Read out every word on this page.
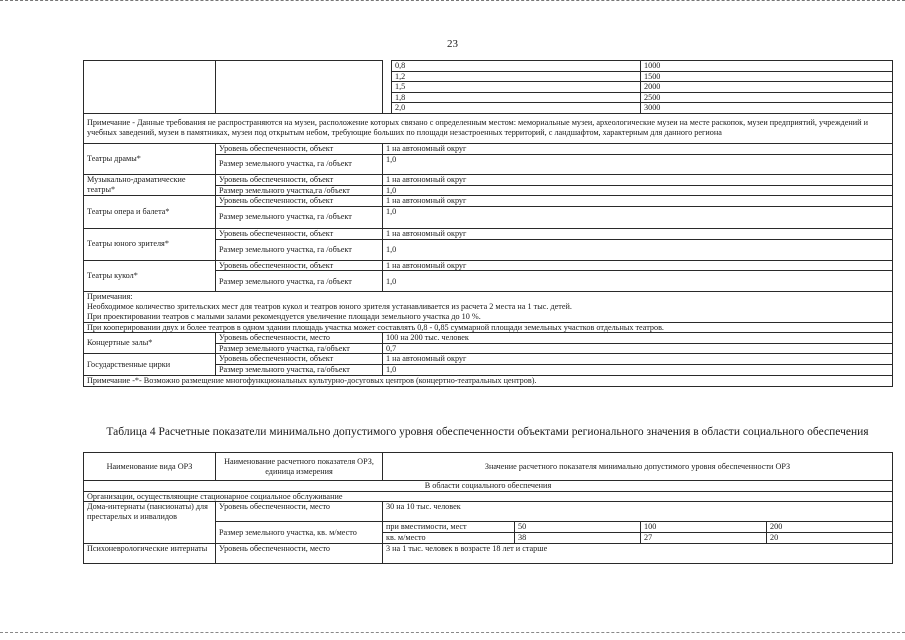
23
			0,8	1000
			1,2	1500
			1,5	2000
			1,8	2500
			2,0	3000
Примечание - Данные требования не распространяются на музеи, расположение которых связано с определенным местом: мемориальные музеи, археологические музеи на месте раскопок, музеи предприятий, учреждений и учебных заведений, музеи в памятниках, музеи под открытым небом, требующие больших по площади незастроенных территорий, с ландшафтом, характерным для данного региона				
Театры драмы*	Уровень обеспеченности, объект	1 на автономный округ		
	Размер земельного участка, га /объект	1,0		
Музыкально-драматические театры*	Уровень обеспеченности, объект	1 на автономный округ		
	Размер земельного участка,га /объект	1,0		
Театры опера и балета*	Уровень обеспеченности, объект	1 на автономный округ		
	Размер земельного участка, га /объект	1,0		
Театры юного зрителя*	Уровень обеспеченности, объект	1 на автономный округ		
	Размер земельного участка, га /объект	1,0		
Театры кукол*	Уровень обеспеченности, объект	1 на автономный округ		
	Размер земельного участка, га /объект	1,0		
Примечания:				
Необходимое количество зрительских мест для театров кукол и театров юного зрителя устанавливается из расчета 2 места на 1 тыс. детей.				
При проектировании театров с малыми залами рекомендуется увеличение площади земельного участка до 10 %.				
При кооперировании двух и более театров в одном здании площадь участка может составлять 0,8 - 0,85 суммарной площади земельных участков отдельных театров.				
Концертные залы*	Уровень обеспеченности, место	100 на 200 тыс. человек		
	Размер земельного участка, га/объект	0,7		
Государственные цирки	Уровень обеспеченности, объект	1 на автономный округ		
	Размер земельного участка, га/объект	1,0		
Примечание -*- Возможно размещение многофункциональных культурно-досуговых центров (концертно-театральных центров).				
Таблица 4 Расчетные показатели минимально допустимого уровня обеспеченности объектами регионального значения в области социального обеспечения
Наименование вида ОРЗ	Наименование расчетного показателя ОРЗ, единица измерения	Значение расчетного показателя минимально допустимого уровня обеспеченности ОРЗ			
В области социального обеспечения					
Организации, осуществляющие стационарное социальное обслуживание					
Дома-интернаты (пансионаты) для престарелых и инвалидов	Уровень обеспеченности, место	30 на 10 тыс. человек			
	Размер земельного участка, кв. м/место	при вместимости, мест	50	100	200
		кв. м/место	38	27	20
Психоневрологические интернаты	Уровень обеспеченности, место	3 на 1 тыс. человек в возрасте 18 лет и старше			
